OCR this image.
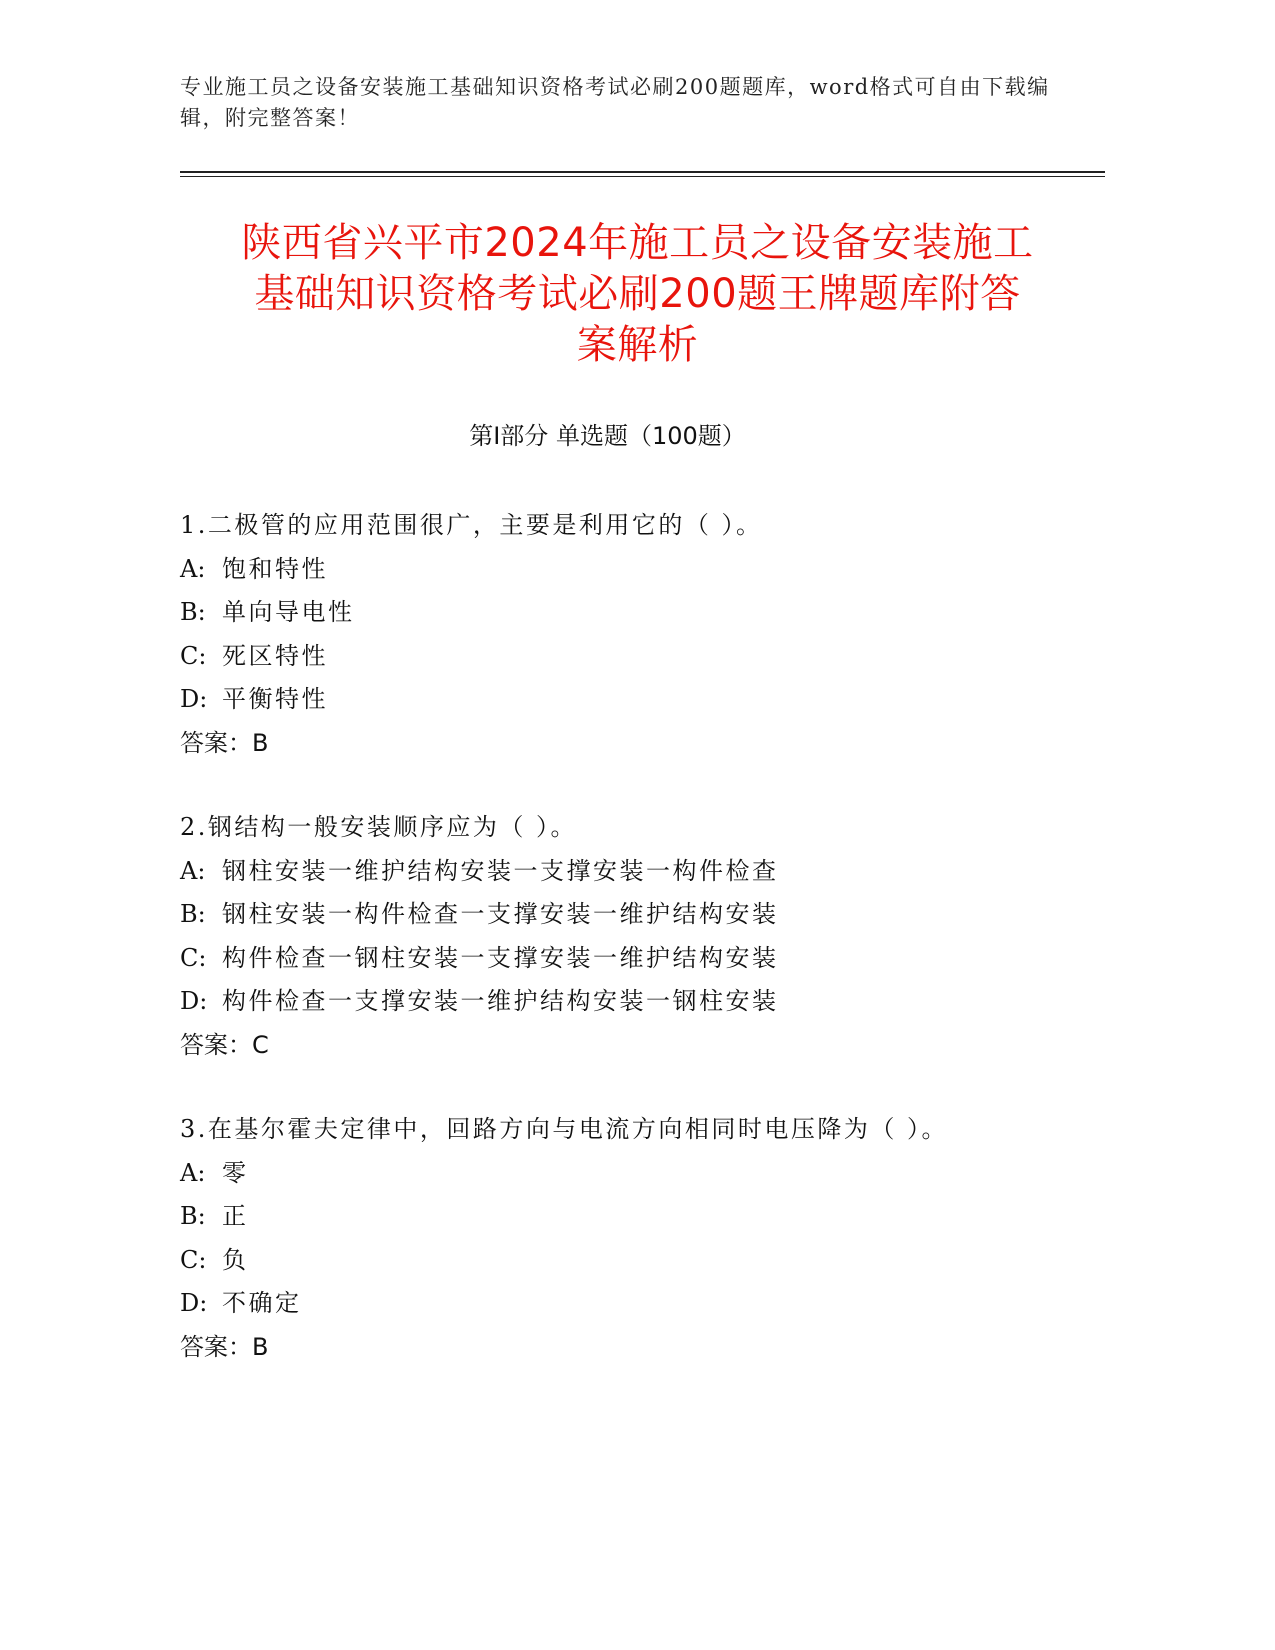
专业施工员之设备安装施工基础知识资格考试必刷200题题库，word格式可自由下载编辑，附完整答案！
陕西省兴平市2024年施工员之设备安装施工
基础知识资格考试必刷200题王牌题库附答
案解析
第Ⅰ部分 单选题（100题）
1.二极管的应用范围很广，主要是利用它的（ ）。
A: 饱和特性
B: 单向导电性
C: 死区特性
D: 平衡特性
答案：B
2.钢结构一般安装顺序应为（ ）。
A: 钢柱安装一维护结构安装一支撑安装一构件检查
B: 钢柱安装一构件检查一支撑安装一维护结构安装
C: 构件检查一钢柱安装一支撑安装一维护结构安装
D: 构件检查一支撑安装一维护结构安装一钢柱安装
答案：C
3.在基尔霍夫定律中，回路方向与电流方向相同时电压降为（ ）。
A: 零
B: 正
C: 负
D: 不确定
答案：B
